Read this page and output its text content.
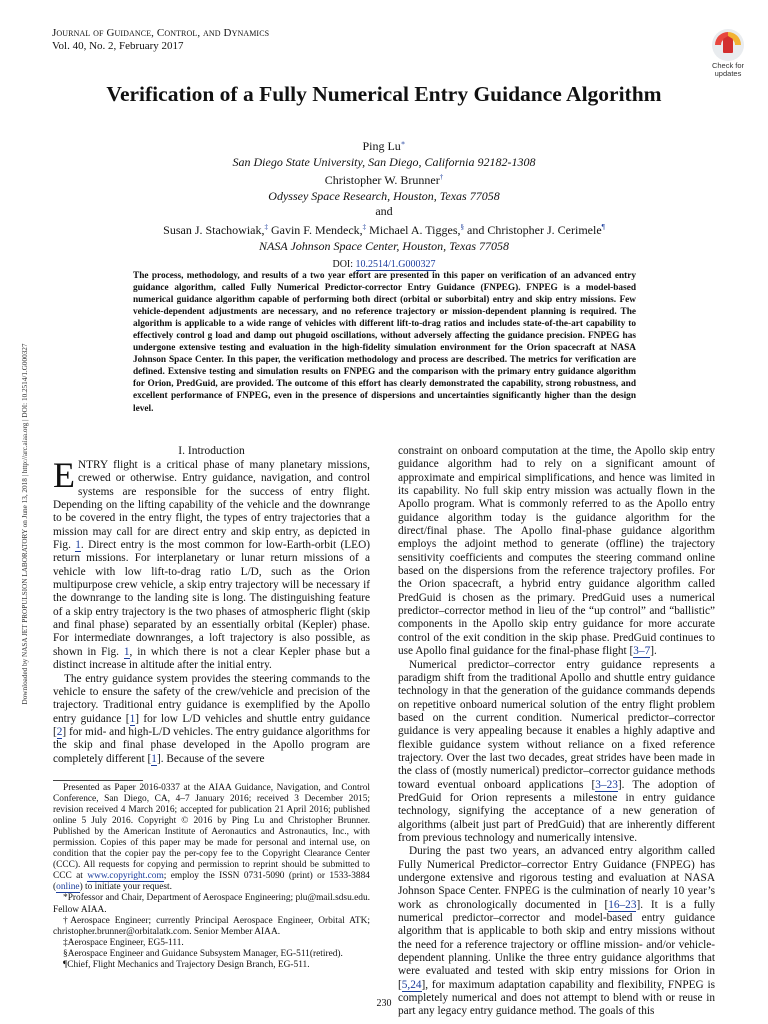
Journal of Guidance, Control, and Dynamics
Vol. 40, No. 2, February 2017
Check for
updates
Verification of a Fully Numerical Entry Guidance Algorithm
Ping Lu∗
San Diego State University, San Diego, California 92182-1308
Christopher W. Brunner†
Odyssey Space Research, Houston, Texas 77058
and
Susan J. Stachowiak,‡ Gavin F. Mendeck,‡ Michael A. Tigges,§ and Christopher J. Cerimele¶
NASA Johnson Space Center, Houston, Texas 77058
DOI: 10.2514/1.G000327
The process, methodology, and results of a two year effort are presented in this paper on verification of an advanced entry guidance algorithm, called Fully Numerical Predictor-corrector Entry Guidance (FNPEG). FNPEG is a model-based numerical guidance algorithm capable of performing both direct (orbital or suborbital) entry and skip entry missions. Few vehicle-dependent adjustments are necessary, and no reference trajectory or mission-dependent planning is required. The algorithm is applicable to a wide range of vehicles with different lift-to-drag ratios and includes state-of-the-art capability to effectively control g load and damp out phugoid oscillations, without adversely affecting the guidance precision. FNPEG has undergone extensive testing and evaluation in the high-fidelity simulation environment for the Orion spacecraft at NASA Johnson Space Center. In this paper, the verification methodology and process are described. The metrics for verification are defined. Extensive testing and simulation results on FNPEG and the comparison with the primary entry guidance algorithm for Orion, PredGuid, are provided. The outcome of this effort has clearly demonstrated the capability, strong robustness, and excellent performance of FNPEG, even in the presence of dispersions and uncertainties significantly higher than the design level.
Downloaded by NASA JET PROPULSION LABORATORY on June 13, 2018 | http://arc.aiaa.org | DOI: 10.2514/1.G000327	I. Introduction

ENTRY flight is a critical phase of many planetary missions, crewed or otherwise. Entry guidance, navigation, and control systems are responsible for the success of entry flight. Depending on the lifting capability of the vehicle and the downrange to be covered in the entry flight, the types of entry trajectories that a mission may call for are direct entry and skip entry, as depicted in Fig. 1. Direct entry is the most common for low-Earth-orbit (LEO) return missions. For interplanetary or lunar return missions of a vehicle with low lift-to-drag ratio L/D, such as the Orion multipurpose crew vehicle, a skip entry trajectory will be necessary if the downrange to the landing site is long. The distinguishing feature of a skip entry trajectory is the two phases of atmospheric flight (skip and final phase) separated by an essentially orbital (Kepler) phase. For intermediate downranges, a loft trajectory is also possible, as shown in Fig. 1, in which there is not a clear Kepler phase but a distinct increase in altitude after the initial entry.

The entry guidance system provides the steering commands to the vehicle to ensure the safety of the crew/vehicle and precision of the trajectory. Traditional entry guidance is exemplified by the Apollo entry guidance [1] for low L/D vehicles and shuttle entry guidance [2] for mid- and high-L/D vehicles. The entry guidance algorithms for the skip and final phase developed in the Apollo program are completely different [1]. Because of the severe

Presented as Paper 2016-0337 at the AIAA Guidance, Navigation, and Control Conference, San Diego, CA, 4–7 January 2016; received 3 December 2015; revision received 4 March 2016; accepted for publication 21 April 2016; published online 5 July 2016. Copyright © 2016 by Ping Lu and Christopher Brunner. Published by the American Institute of Aeronautics and Astronautics, Inc., with permission. Copies of this paper may be made for personal and internal use, on condition that the copier pay the per-copy fee to the Copyright Clearance Center (CCC). All requests for copying and permission to reprint should be submitted to CCC at www.copyright.com; employ the ISSN 0731-5090 (print) or 1533-3884 (online) to initiate your request.

*Professor and Chair, Department of Aerospace Engineering; plu@mail.sdsu.edu. Fellow AIAA.

†Aerospace Engineer; currently Principal Aerospace Engineer, Orbital ATK; christopher.brunner@orbitalatk.com. Senior Member AIAA.

‡Aerospace Engineer, EG5-111.

§Aerospace Engineer and Guidance Subsystem Manager, EG-511(retired).

¶Chief, Flight Mechanics and Trajectory Design Branch, EG-511.

constraint on onboard computation at the time, the Apollo skip entry guidance algorithm had to rely on a significant amount of approximate and empirical simplifications, and hence was limited in its capability. No full skip entry mission was actually flown in the Apollo program. What is commonly referred to as the Apollo entry guidance algorithm today is the guidance algorithm for the direct/final phase. The Apollo final-phase guidance algorithm employs the adjoint method to generate (offline) the trajectory sensitivity coefficients and computes the steering command online based on the dispersions from the reference trajectory profiles. For the Orion spacecraft, a hybrid entry guidance algorithm called PredGuid is chosen as the primary. PredGuid uses a numerical predictor–corrector method in lieu of the “up control” and “ballistic” components in the Apollo skip entry guidance for more accurate control of the exit condition in the skip phase. PredGuid continues to use Apollo final guidance for the final-phase flight [3–7].

Numerical predictor–corrector entry guidance represents a paradigm shift from the traditional Apollo and shuttle entry guidance technology in that the generation of the guidance commands depends on repetitive onboard numerical solution of the entry flight problem based on the current condition. Numerical predictor–corrector guidance is very appealing because it enables a highly adaptive and flexible guidance system without reliance on a fixed reference trajectory. Over the last two decades, great strides have been made in the class of (mostly numerical) predictor–corrector guidance methods toward eventual onboard applications [3–23]. The adoption of PredGuid for Orion represents a milestone in entry guidance technology, signifying the acceptance of a new generation of algorithms (albeit just part of PredGuid) that are inherently different from previous technology and numerically intensive.

During the past two years, an advanced entry algorithm called Fully Numerical Predictor–corrector Entry Guidance (FNPEG) has undergone extensive and rigorous testing and evaluation at NASA Johnson Space Center. FNPEG is the culmination of nearly 10 year’s work as chronologically documented in [16–23]. It is a fully numerical predictor–corrector and model-based entry guidance algorithm that is applicable to both skip and entry missions without the need for a reference trajectory or offline mission- and/or vehicle-dependent planning. Unlike the three entry guidance algorithms that were evaluated and tested with skip entry missions for Orion in [5,24], for maximum adaptation capability and flexibility, FNPEG is completely numerical and does not attempt to blend with or reuse in part any legacy entry guidance method. The goals of this

230
